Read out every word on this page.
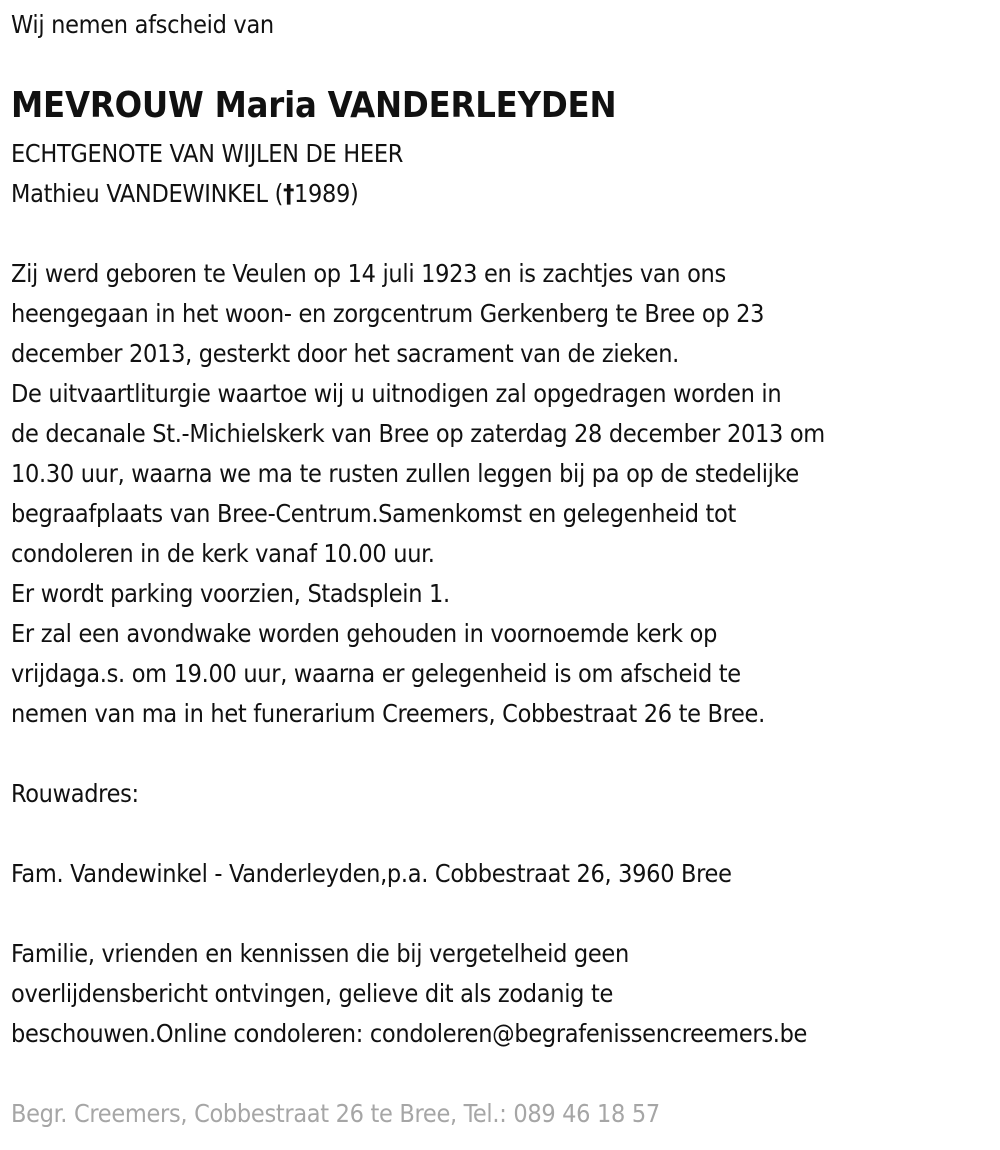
Wij nemen afscheid van
MEVROUW Maria VANDERLEYDEN
ECHTGENOTE VAN WIJLEN DE HEER
Mathieu VANDEWINKEL (†1989)
Zij werd geboren te Veulen op 14 juli 1923 en is zachtjes van ons
heengegaan in het woon- en zorgcentrum Gerkenberg te Bree op 23
december 2013, gesterkt door het sacrament van de zieken.
De uitvaartliturgie waartoe wij u uitnodigen zal opgedragen worden in
de decanale St.-Michielskerk van Bree op zaterdag 28 december 2013 om
10.30 uur, waarna we ma te rusten zullen leggen bij pa op de stedelijke
begraafplaats van Bree-Centrum.Samenkomst en gelegenheid tot
condoleren in de kerk vanaf 10.00 uur.
Er wordt parking voorzien, Stadsplein 1.
Er zal een avondwake worden gehouden in voornoemde kerk op
vrijdaga.s. om 19.00 uur, waarna er gelegenheid is om afscheid te
nemen van ma in het funerarium Creemers, Cobbestraat 26 te Bree.
Rouwadres:
Fam. Vandewinkel - Vanderleyden,p.a. Cobbestraat 26, 3960 Bree
Familie, vrienden en kennissen die bij vergetelheid geen
overlijdensbericht ontvingen, gelieve dit als zodanig te
beschouwen.Online condoleren: condoleren@begrafenissencreemers.be
Begr. Creemers, Cobbestraat 26 te Bree, Tel.: 089 46 18 57
